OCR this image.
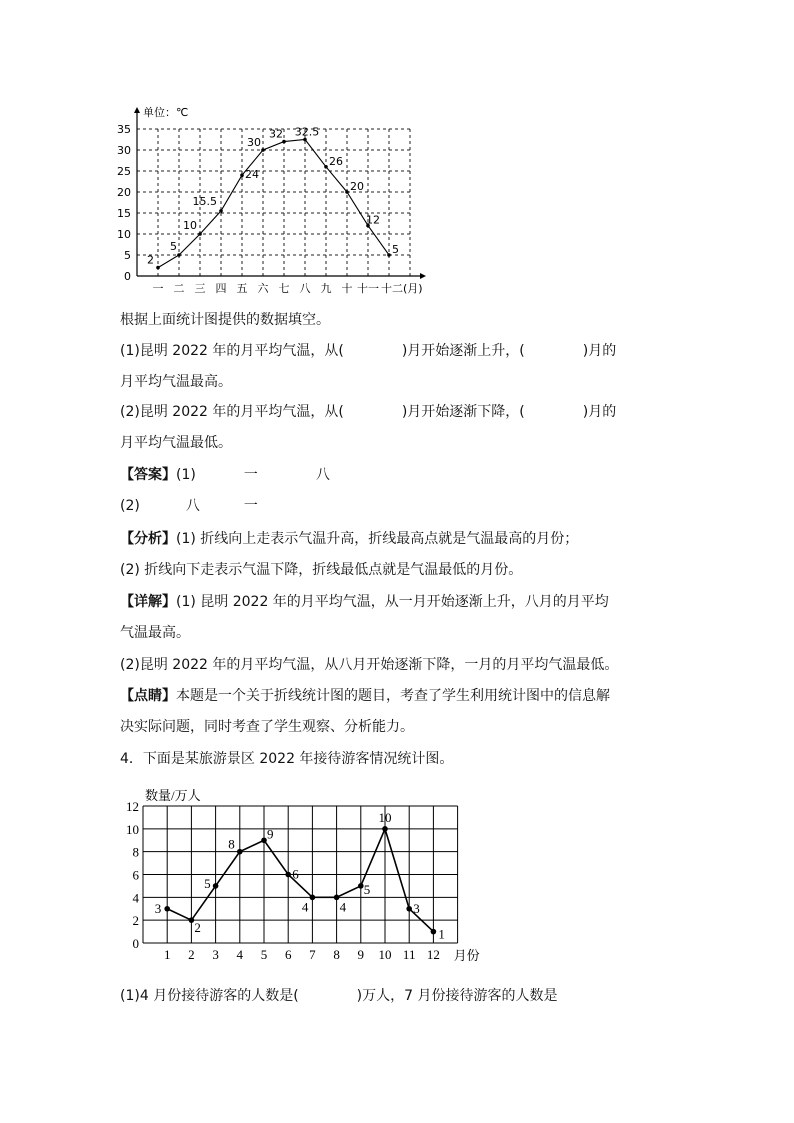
单位：℃
0
5
10
15
20
25
30
35
一 二 三 四 五 六 七 八 九 十 十一 十二(月)
2
5
10
15.5
24
30
32 32.5
26
20
12
5
根据上面统计图提供的数据填空。
(1)昆明 2022 年的月平均气温，从(	)月开始逐渐上升，(	)月的
月平均气温最高。
(2)昆明 2022 年的月平均气温，从(	)月开始逐渐下降，(	)月的
月平均气温最低。
【答案】(1)	一	八
(2)	八	一
【分析】(1) 折线向上走表示气温升高，折线最高点就是气温最高的月份；
(2) 折线向下走表示气温下降，折线最低点就是气温最低的月份。
【详解】(1) 昆明 2022 年的月平均气温，从一月开始逐渐上升，八月的月平均
气温最高。
(2)昆明 2022 年的月平均气温，从八月开始逐渐下降，一月的月平均气温最低。
【点睛】本题是一个关于折线统计图的题目，考查了学生利用统计图中的信息解
决实际问题，同时考查了学生观察、分析能力。
4．下面是某旅游景区 2022 年接待游客情况统计图。
数量/万人
月份
0
2
4
6
8
10
12
1 2 3 4 5 6 7 8 9 10 11 12
3
2
5
8
9
6
4 4
5
10
3
1
(1)4 月份接待游客的人数是(	)万人，7 月份接待游客的人数是
